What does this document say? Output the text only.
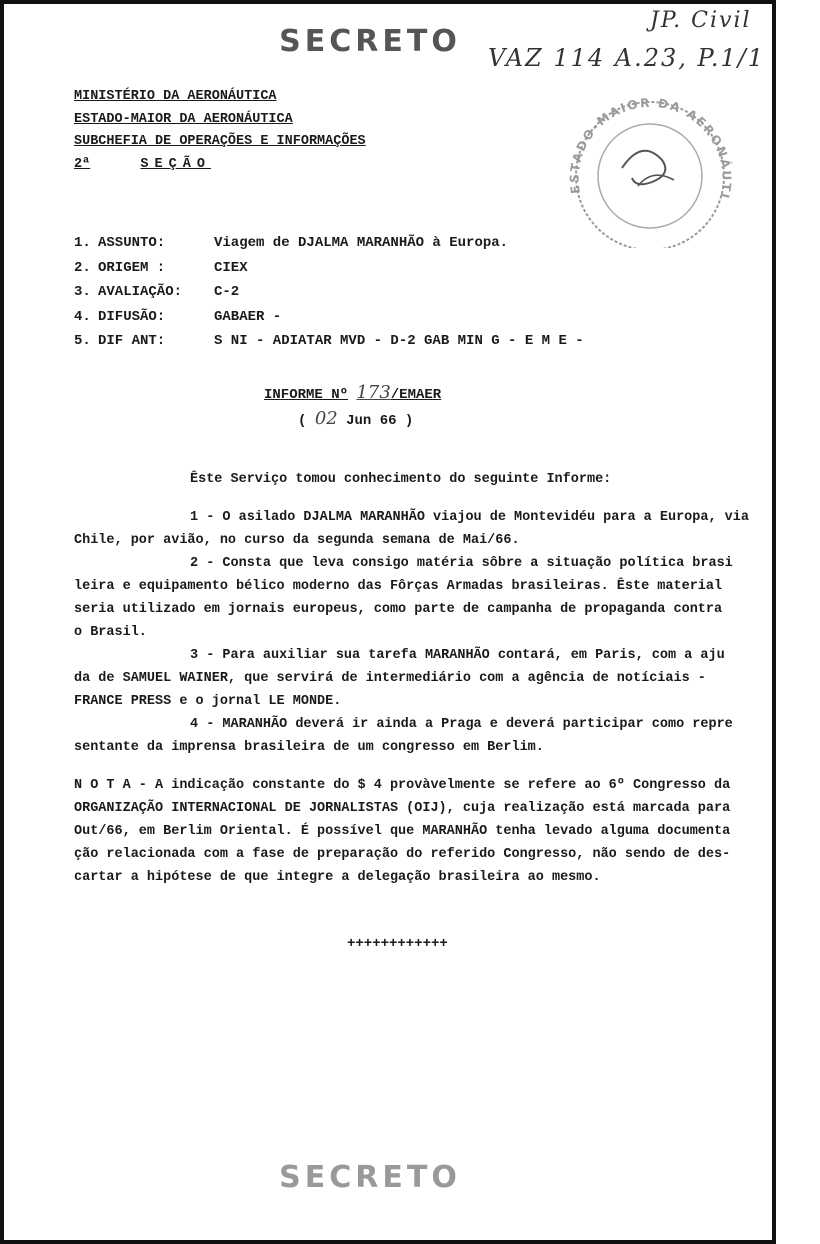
SECRETO
JP. Civil
VAZ 114 A.23, P.1/1
ESTADO-MAIOR DA AERONÁUTI
MINISTÉRIO DA AERONÁUTICA
ESTADO-MAIOR DA AERONÁUTICA
SUBCHEFIA DE OPERAÇÕES E INFORMAÇÕES
2ª	SEÇÃO
1. ASSUNTO:	Viagem de DJALMA MARANHÃO à Europa.
2. ORIGEM :	CIEX
3. AVALIAÇÃO: C-2
4. DIFUSÃO:	GABAER -
5. DIF ANT:	S NI - ADIATAR MVD - D-2 GAB MIN G - E M E -
INFORME Nº 173/EMAER
( 02 Jun 66 )

Êste Serviço tomou conhecimento do seguinte Informe:

1 - O asilado DJALMA MARANHÃO viajou de Montevidéu para a Europa, via

Chile, por avião, no curso da segunda semana de Mai/66.

2 - Consta que leva consigo matéria sôbre a situação política brasi

leira e equipamento bélico moderno das Fôrças Armadas brasileiras. Êste material

seria utilizado em jornais europeus, como parte de campanha de propaganda contra

o Brasil.

3 - Para auxiliar sua tarefa MARANHÃO contará, em Paris, com a aju

da de SAMUEL WAINER, que servirá de intermediário com a agência de notíciais -

FRANCE PRESS e o jornal LE MONDE.

4 - MARANHÃO deverá ir ainda a Praga e deverá participar como repre

sentante da imprensa brasileira de um congresso em Berlim.

N O T A - A indicação constante do $ 4 provàvelmente se refere ao 6º Congresso da

ORGANIZAÇÃO INTERNACIONAL DE JORNALISTAS (OIJ), cuja realização está marcada para

Out/66, em Berlim Oriental. É possível que MARANHÃO tenha levado alguma documenta

ção relacionada com a fase de preparação do referido Congresso, não sendo de des-

cartar a hipótese de que integre a delegação brasileira ao mesmo.

++++++++++++
SECRETO
